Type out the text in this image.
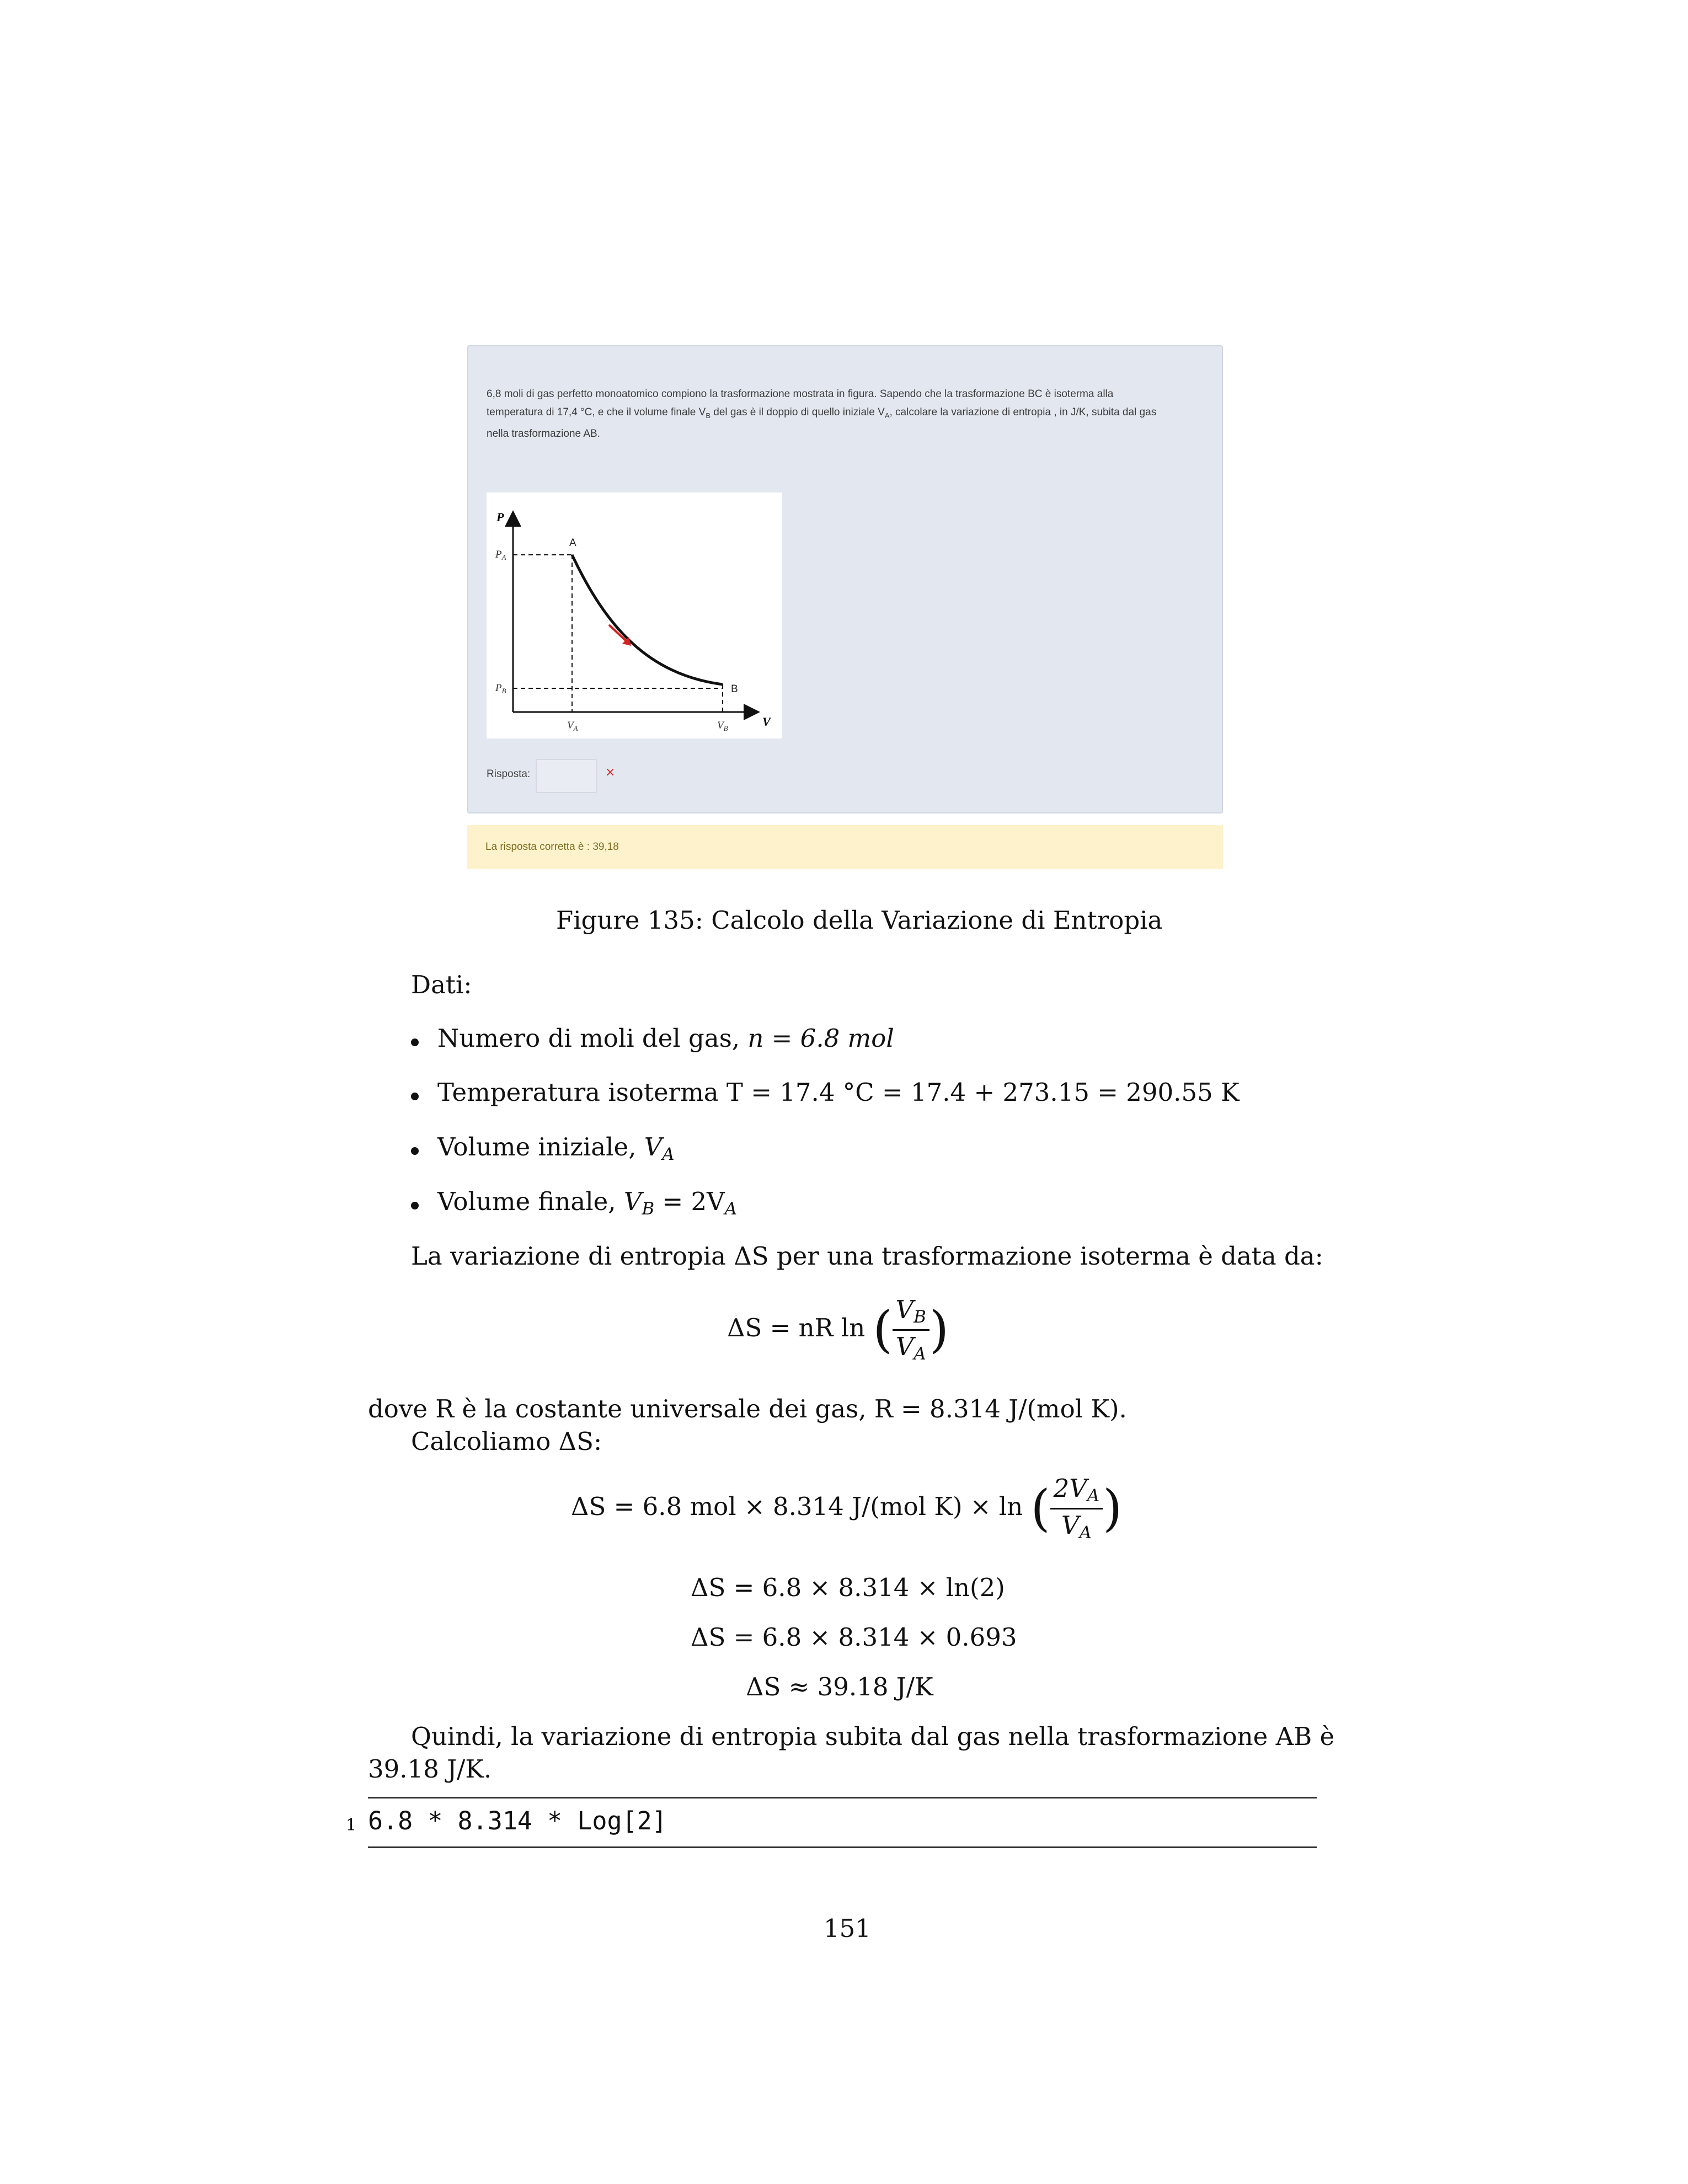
6,8 moli di gas perfetto monoatomico compiono la trasformazione mostrata in figura. Sapendo che la trasformazione BC è isoterma alla
temperatura di 17,4 °C, e che il volume finale $V_B$ del gas è il doppio di quello iniziale $V_A$, calcolare la variazione di entropia , in J/K, subita dal gas
nella trasformazione AB.
P
V
A
B
$P_A$
$P_B$
$V_A$	$V_B$
Risposta:	×
La risposta corretta è : 39,18
Figure 135: Calcolo della Variazione di Entropia
Dati:
Numero di moli del gas, n = 6.8 mol
Temperatura isoterma T = 17.4 °C = 17.4 + 273.15 = 290.55 K
Volume iniziale, $V_A$
Volume finale, $V_B = 2V_A$
La variazione di entropia ΔS per una trasformazione isoterma è data da:
ΔS = nR ln ( $\frac{V_B}{V_A}$ )
dove R è la costante universale dei gas, R = 8.314 J/(mol K).
Calcoliamo ΔS:
ΔS = 6.8 mol × 8.314 J/(mol K) × ln ( $\frac{2V_A}{V_A}$ )
ΔS = 6.8 × 8.314 × ln(2)
ΔS = 6.8 × 8.314 × 0.693
ΔS ≈ 39.18 J/K
Quindi, la variazione di entropia subita dal gas nella trasformazione AB è
39.18 J/K.
1 6.8 * 8.314 * Log[2]
151
